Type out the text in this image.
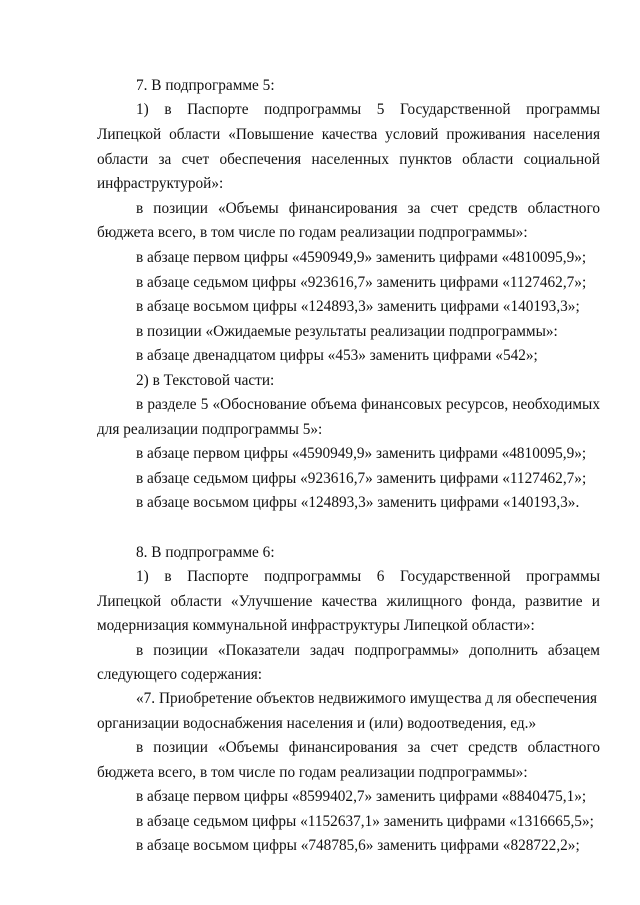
7. В подпрограмме 5:
1) в Паспорте подпрограммы 5 Государственной программы
Липецкой области «Повышение качества условий проживания населения
области за счет обеспечения населенных пунктов области социальной
инфраструктурой»:
в позиции «Объемы финансирования за счет средств областного
бюджета всего, в том числе по годам реализации подпрограммы»:
в абзаце первом цифры «4590949,9» заменить цифрами «4810095,9»;
в абзаце седьмом цифры «923616,7» заменить цифрами «1127462,7»;
в абзаце восьмом цифры «124893,3» заменить цифрами «140193,3»;
в позиции «Ожидаемые результаты реализации подпрограммы»:
в абзаце двенадцатом цифры «453» заменить цифрами «542»;
2) в Текстовой части:
в разделе 5 «Обоснование объема финансовых ресурсов, необходимых
для реализации подпрограммы 5»:
в абзаце первом цифры «4590949,9» заменить цифрами «4810095,9»;
в абзаце седьмом цифры «923616,7» заменить цифрами «1127462,7»;
в абзаце восьмом цифры «124893,3» заменить цифрами «140193,3».
8. В подпрограмме 6:
1) в Паспорте подпрограммы 6 Государственной программы
Липецкой области «Улучшение качества жилищного фонда, развитие и
модернизация коммунальной инфраструктуры Липецкой области»:
в позиции «Показатели задач подпрограммы» дополнить абзацем
следующего содержания:
«7. Приобретение объектов недвижимого имущества д ля обеспечения
организации водоснабжения населения и (или) водоотведения, ед.»
в позиции «Объемы финансирования за счет средств областного
бюджета всего, в том числе по годам реализации подпрограммы»:
в абзаце первом цифры «8599402,7» заменить цифрами «8840475,1»;
в абзаце седьмом цифры «1152637,1» заменить цифрами «1316665,5»;
в абзаце восьмом цифры «748785,6» заменить цифрами «828722,2»;
